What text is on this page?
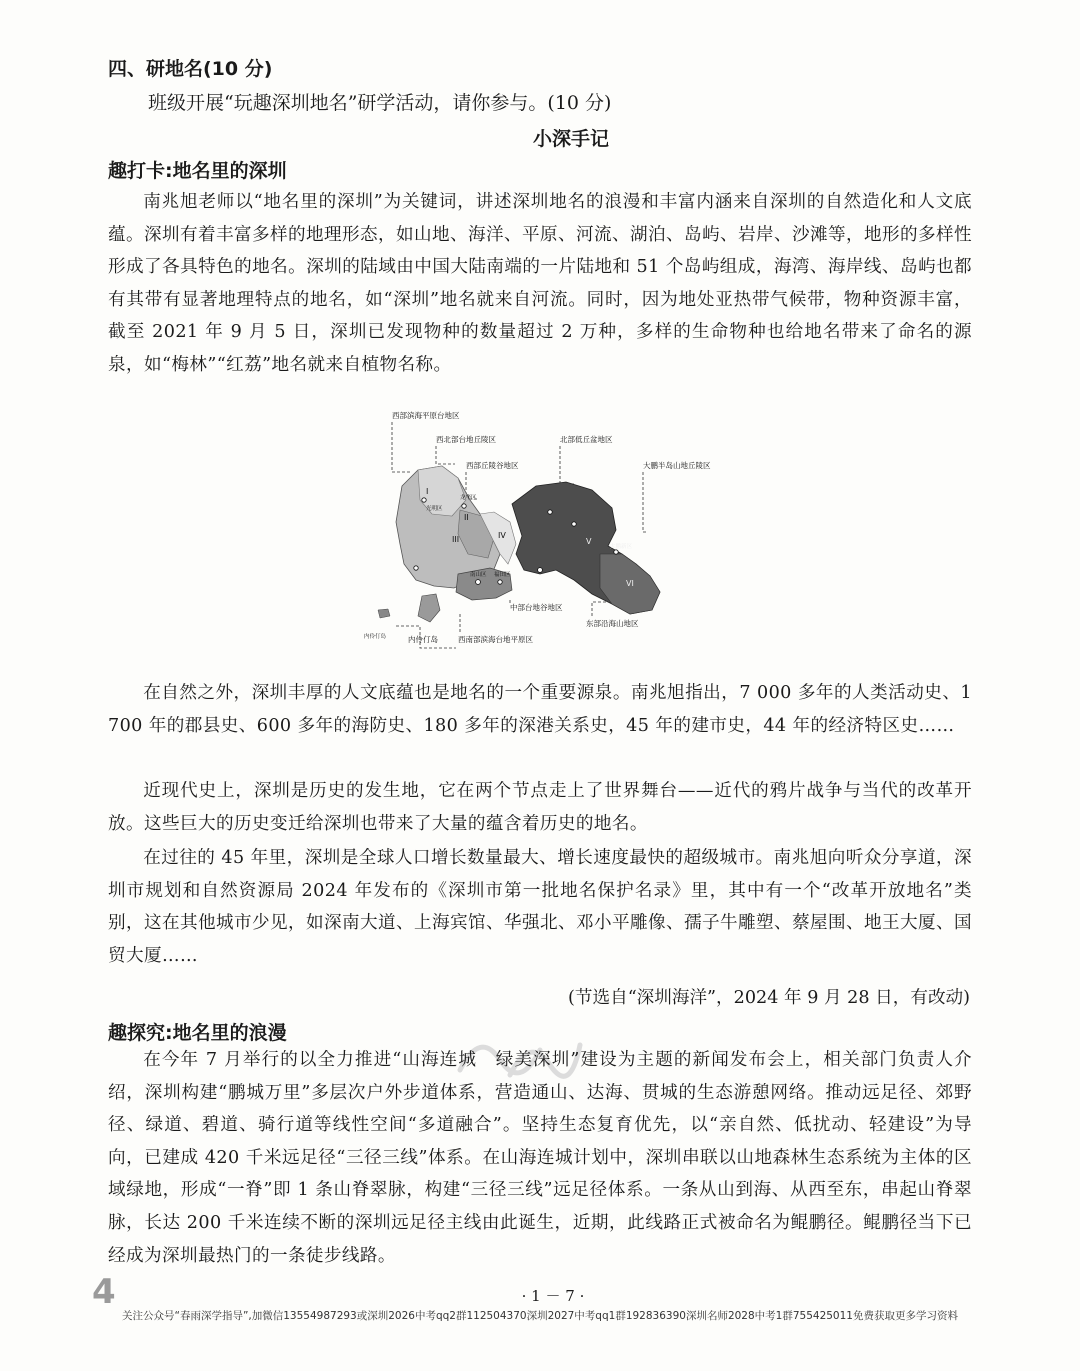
四、研地名(10 分)
班级开展“玩趣深圳地名”研学活动，请你参与。(10 分)
小深手记
趣打卡:地名里的深圳
南兆旭老师以“地名里的深圳”为关键词，讲述深圳地名的浪漫和丰富内涵来自深圳的自然造化和人文底蕴。深圳有着丰富多样的地理形态，如山地、海洋、平原、河流、湖泊、岛屿、岩岸、沙滩等，地形的多样性形成了各具特色的地名。深圳的陆域由中国大陆南端的一片陆地和 51 个岛屿组成，海湾、海岸线、岛屿也都有其带有显著地理特点的地名，如“深圳”地名就来自河流。同时，因为地处亚热带气候带，物种资源丰富，截至 2021 年 9 月 5 日，深圳已发现物种的数量超过 2 万种，多样的生命物种也给地名带来了命名的源泉，如“梅林”“红荔”地名就来自植物名称。
I
II
III	IV
V
VI
光明区
龙华区
南山区 福田区
大鹏新区
西部滨海平原台地区
西北部台地丘陵区
西部丘陵谷地区
北部低丘盆地区
大鹏半岛山地丘陵区
中部台地谷地区
东部沿海山地区
西南部滨海台地平原区
内伶仃岛
内伶仃岛
在自然之外，深圳丰厚的人文底蕴也是地名的一个重要源泉。南兆旭指出，7 000 多年的人类活动史、1 700 年的郡县史、600 多年的海防史、180 多年的深港关系史，45 年的建市史，44 年的经济特区史……
近现代史上，深圳是历史的发生地，它在两个节点走上了世界舞台——近代的鸦片战争与当代的改革开放。这些巨大的历史变迁给深圳也带来了大量的蕴含着历史的地名。
在过往的 45 年里，深圳是全球人口增长数量最大、增长速度最快的超级城市。南兆旭向听众分享道，深圳市规划和自然资源局 2024 年发布的《深圳市第一批地名保护名录》里，其中有一个“改革开放地名”类别，这在其他城市少见，如深南大道、上海宾馆、华强北、邓小平雕像、孺子牛雕塑、蔡屋围、地王大厦、国贸大厦……
(节选自“深圳海洋”，2024 年 9 月 28 日，有改动)
趣探究:地名里的浪漫
在今年 7 月举行的以全力推进“山海连城　绿美深圳”建设为主题的新闻发布会上，相关部门负责人介绍，深圳构建“鹏城万里”多层次户外步道体系，营造通山、达海、贯城的生态游憩网络。推动远足径、郊野径、绿道、碧道、骑行道等线性空间“多道融合”。坚持生态复育优先，以“亲自然、低扰动、轻建设”为导向，已建成 420 千米远足径“三径三线”体系。在山海连城计划中，深圳串联以山地森林生态系统为主体的区域绿地，形成“一脊”即 1 条山脊翠脉，构建“三径三线”远足径体系。一条从山到海、从西至东，串起山脊翠脉，长达 200 千米连续不断的深圳远足径主线由此诞生，近期，此线路正式被命名为鲲鹏径。鲲鹏径当下已经成为深圳最热门的一条徒步线路。
4	· 1 － 7 ·
关注公众号“春雨深学指导”,加微信13554987293或深圳2026中考qq2群112504370深圳2027中考qq1群192836390深圳名师2028中考1群755425011免费获取更多学习资料
